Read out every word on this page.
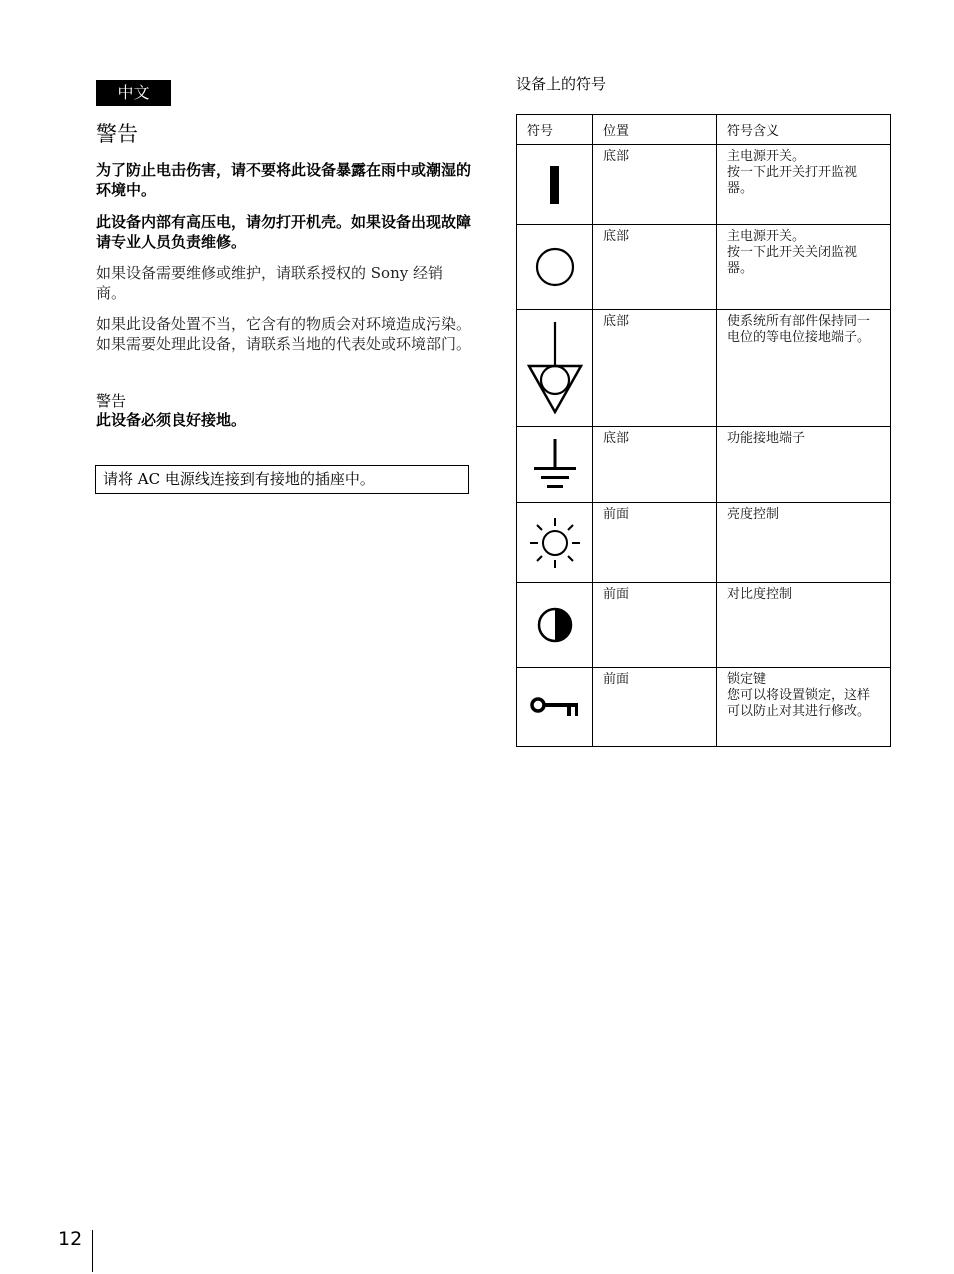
中文
警告

为了防止电击伤害，请不要将此设备暴露在雨中或潮湿的环境中。

此设备内部有高压电，请勿打开机壳。如果设备出现故障请专业人员负责维修。

如果设备需要维修或维护，请联系授权的 Sony 经销商。

如果此设备处置不当，它含有的物质会对环境造成污染。如果需要处理此设备，请联系当地的代表处或环境部门。

警告

此设备必须良好接地。

请将 AC 电源线连接到有接地的插座中。
设备上的符号
符号	位置	符号含义

	底部	主电源开关。
按一下此开关打开监视器。

	底部	主电源开关。
按一下此开关关闭监视器。

	底部	使系统所有部件保持同一电位的等电位接地端子。

	底部	功能接地端子

	前面	亮度控制

	前面	对比度控制

	前面	锁定键
您可以将设置锁定，这样可以防止对其进行修改。
12
